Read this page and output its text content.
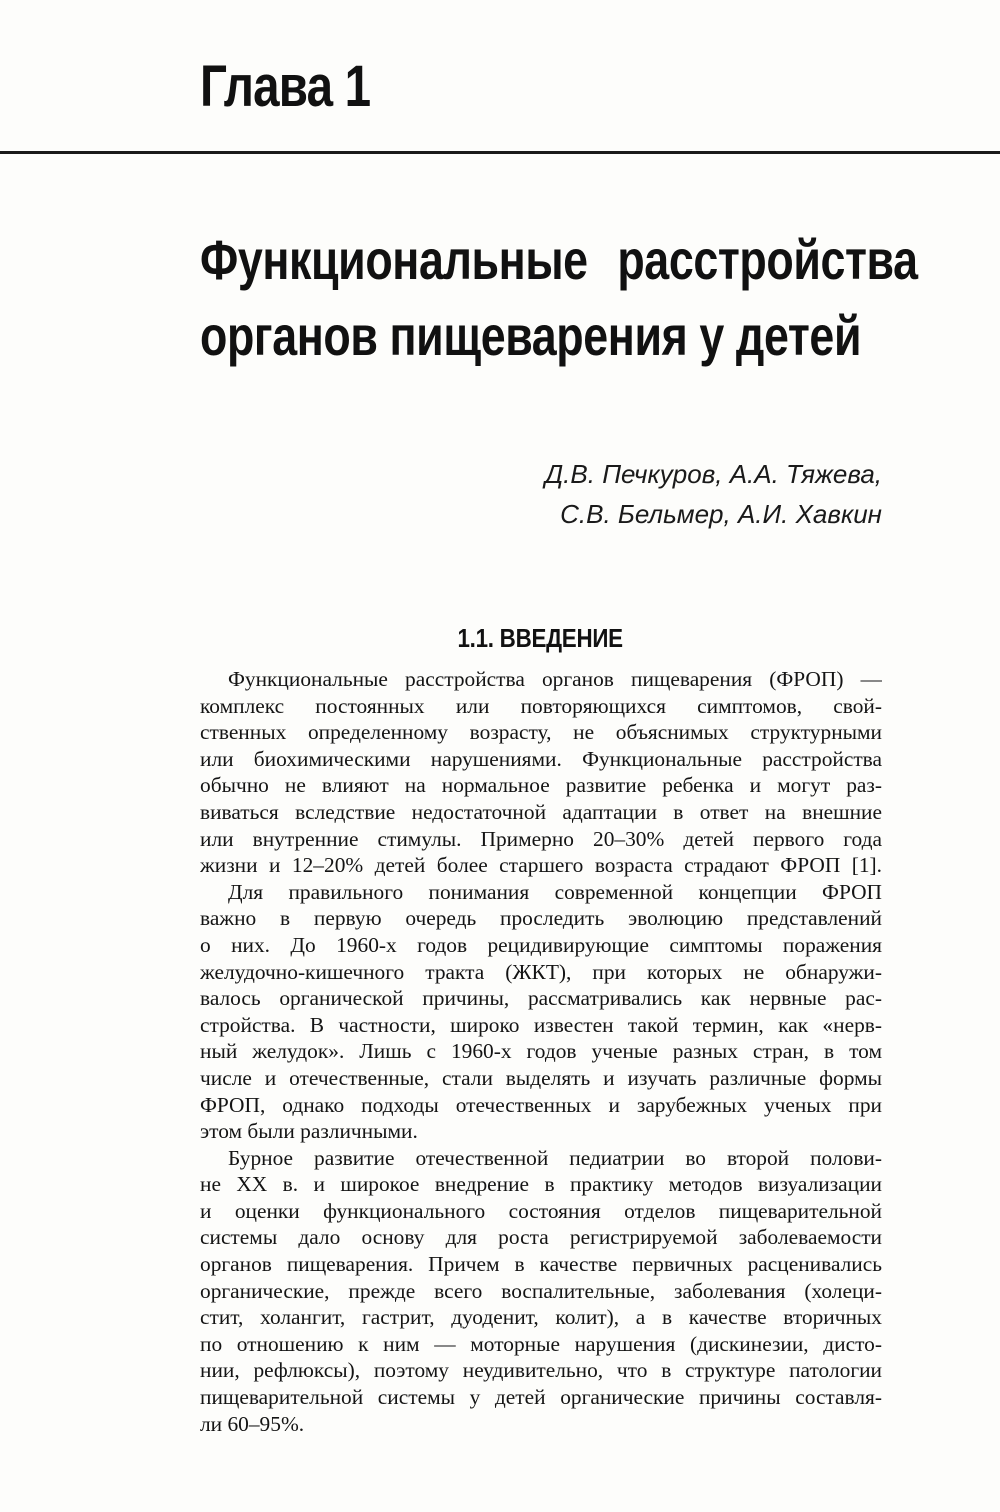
Глава 1
Функциональные расстройства
органов пищеварения у детей
Д.В. Печкуров, А.А. Тяжева,
С.В. Бельмер, А.И. Хавкин
1.1. ВВЕДЕНИЕ

Функциональные расстройства органов пищеварения (ФРОП) —
комплекс постоянных или повторяющихся симптомов, свой-
ственных определенному возрасту, не объяснимых структурными
или биохимическими нарушениями. Функциональные расстройства
обычно не влияют на нормальное развитие ребенка и могут раз-
виваться вследствие недостаточной адаптации в ответ на внешние
или внутренние стимулы. Примерно 20–30% детей первого года
жизни и 12–20% детей более старшего возраста страдают ФРОП [1].

Для правильного понимания современной концепции ФРОП
важно в первую очередь проследить эволюцию представлений
о них. До 1960-х годов рецидивирующие симптомы поражения
желудочно-кишечного тракта (ЖКТ), при которых не обнаружи-
валось органической причины, рассматривались как нервные рас-
стройства. В частности, широко известен такой термин, как «нерв-
ный желудок». Лишь с 1960-х годов ученые разных стран, в том
числе и отечественные, стали выделять и изучать различные формы
ФРОП, однако подходы отечественных и зарубежных ученых при
этом были различными.

Бурное развитие отечественной педиатрии во второй полови-
не XX в. и широкое внедрение в практику методов визуализации
и оценки функционального состояния отделов пищеварительной
системы дало основу для роста регистрируемой заболеваемости
органов пищеварения. Причем в качестве первичных расценивались
органические, прежде всего воспалительные, заболевания (холеци-
стит, холангит, гастрит, дуоденит, колит), а в качестве вторичных
по отношению к ним — моторные нарушения (дискинезии, дисто-
нии, рефлюксы), поэтому неудивительно, что в структуре патологии
пищеварительной системы у детей органические причины составля-
ли 60–95%.
